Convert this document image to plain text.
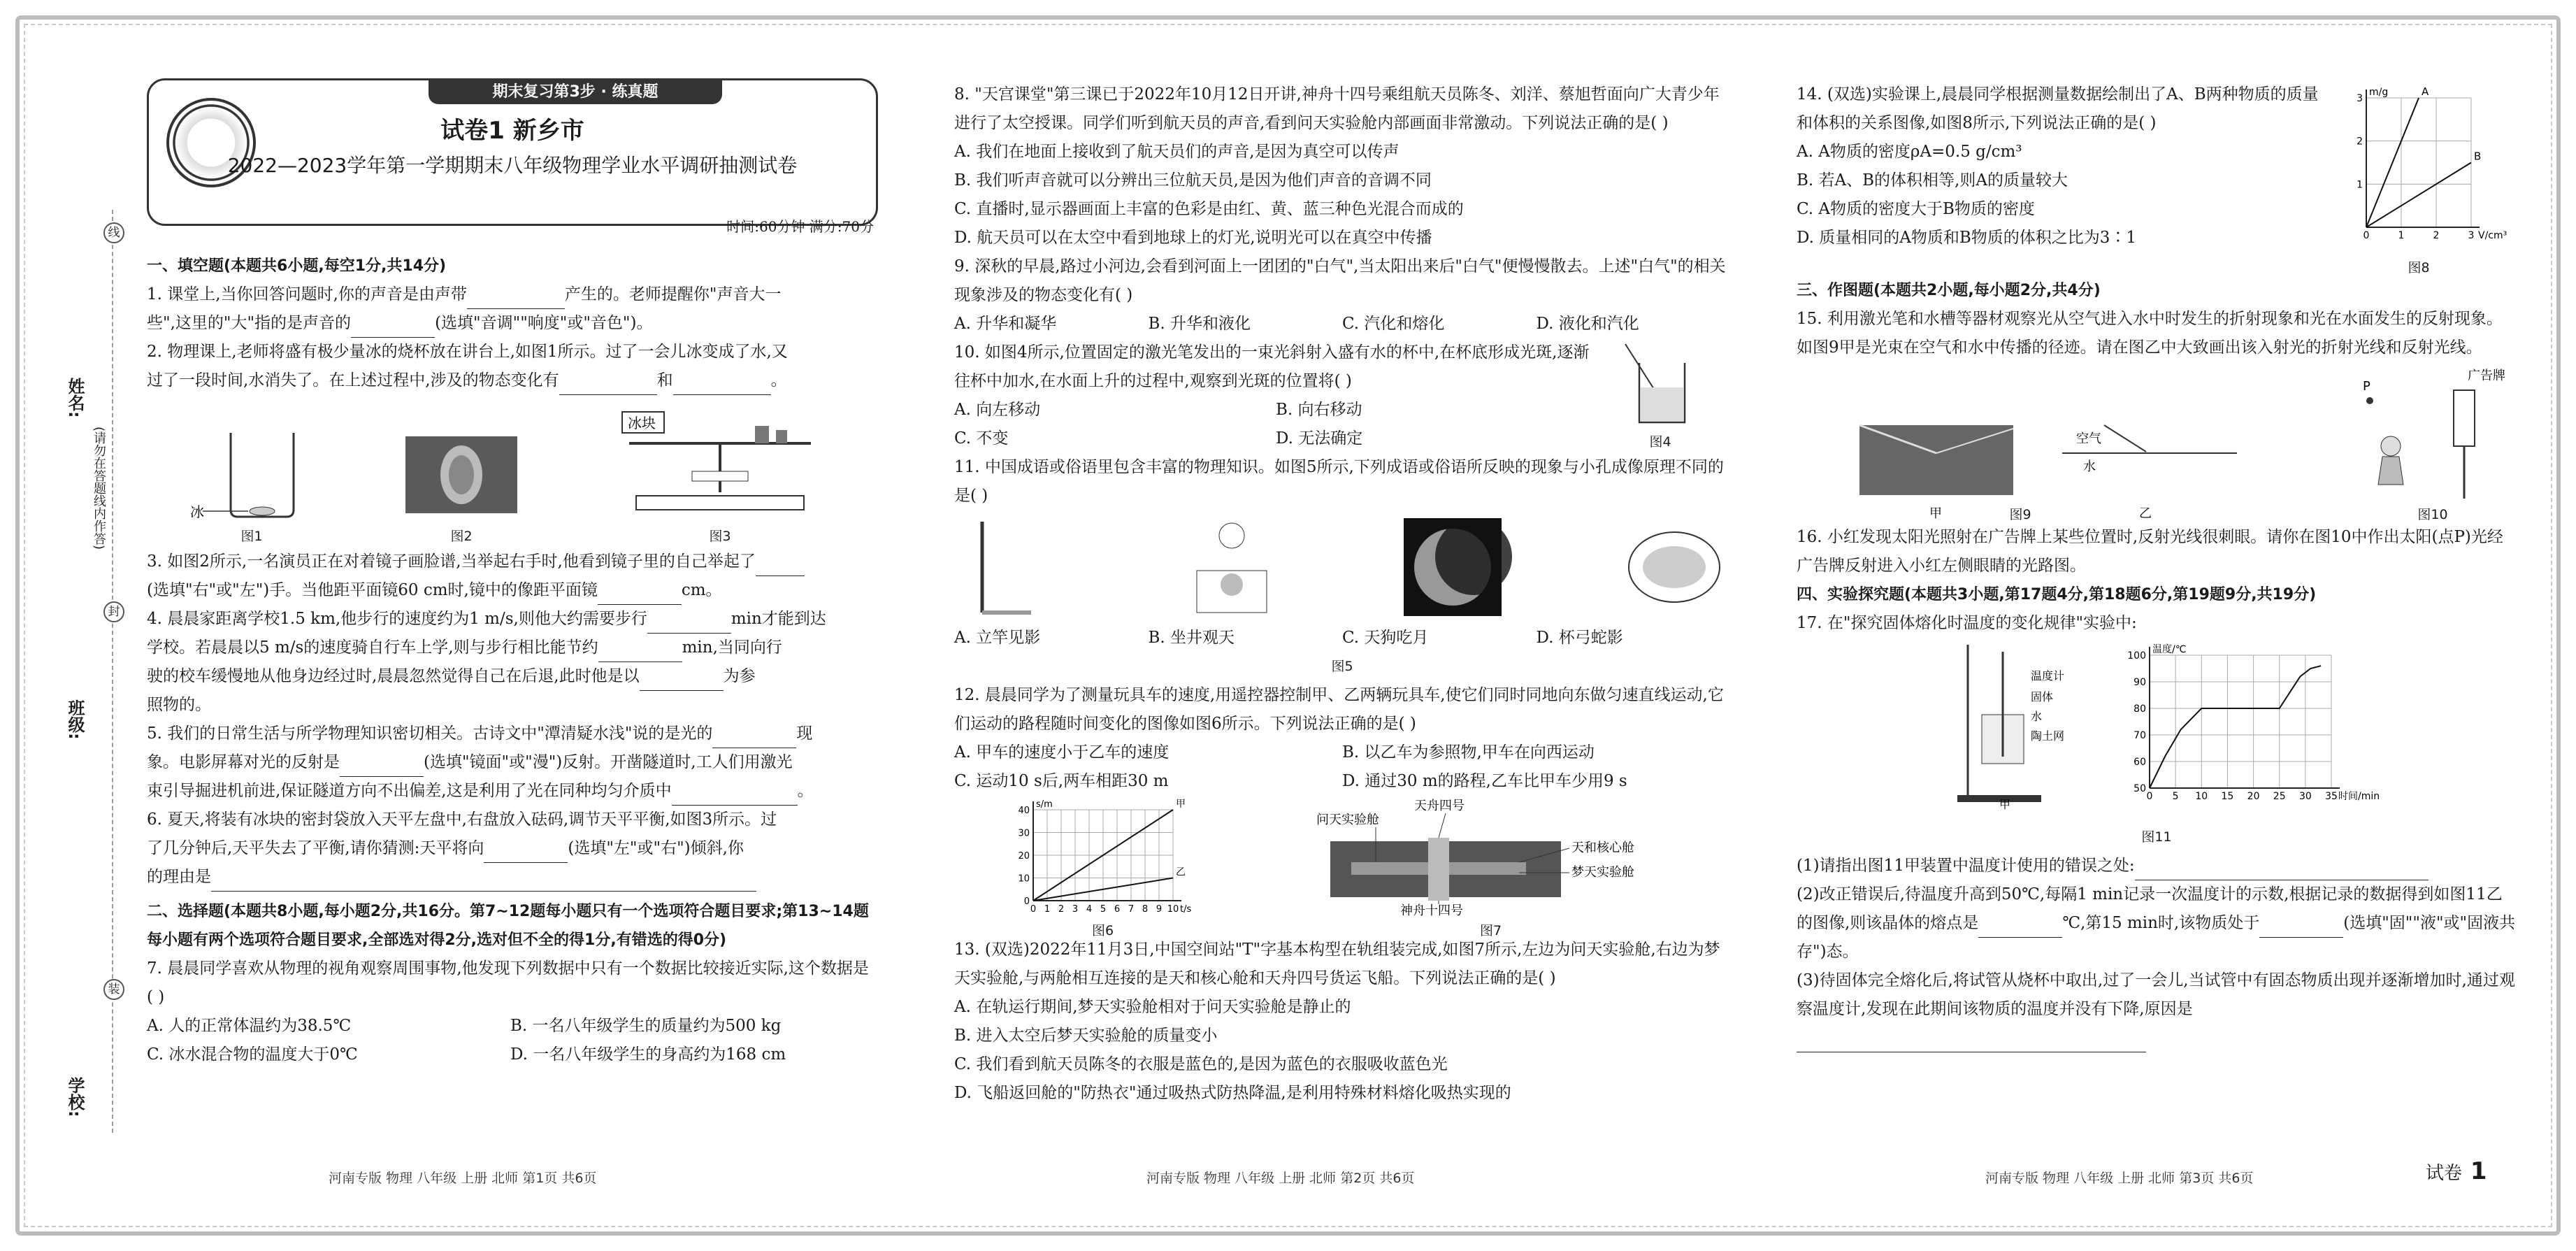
线
封
装
姓名:
(请勿在答题线内作答)
班级:
学校:
期末复习第3步 · 练真题
试卷1 新乡市
2022—2023学年第一学期期末八年级物理学业水平调研抽测试卷
时间:60分钟 满分:70分
一、填空题(本题共6小题,每空1分,共14分)

1. 课堂上,当你回答问题时,你的声音是由声带	产生的。老师提醒你"声音大一
些",这里的"大"指的是声音的	(选填"音调""响度"或"音色")。

2. 物理课上,老师将盛有极少量冰的烧杯放在讲台上,如图1所示。过了一会儿冰变成了水,又
过了一段时间,水消失了。在上述过程中,涉及的物态变化有	和	。

冰
图1	图2
冰块
图3

3. 如图2所示,一名演员正在对着镜子画脸谱,当举起右手时,他看到镜子里的自己举起了
(选填"右"或"左")手。当他距平面镜60 cm时,镜中的像距平面镜	cm。

4. 晨晨家距离学校1.5 km,他步行的速度约为1 m/s,则他大约需要步行	min才能到达
学校。若晨晨以5 m/s的速度骑自行车上学,则与步行相比能节约	min,当同向行
驶的校车缓慢地从他身边经过时,晨晨忽然觉得自己在后退,此时他是以	为参
照物的。

5. 我们的日常生活与所学物理知识密切相关。古诗文中"潭清疑水浅"说的是光的	现
象。电影屏幕对光的反射是	(选填"镜面"或"漫")反射。开凿隧道时,工人们用激光
束引导掘进机前进,保证隧道方向不出偏差,这是利用了光在同种均匀介质中	。

6. 夏天,将装有冰块的密封袋放入天平左盘中,右盘放入砝码,调节天平平衡,如图3所示。过
了几分钟后,天平失去了平衡,请你猜测:天平将向	(选填"左"或"右")倾斜,你
的理由是

二、选择题(本题共8小题,每小题2分,共16分。第7~12题每小题只有一个选项符合题目要求;第13~14题每小题有两个选项符合题目要求,全部选对得2分,选对但不全的得1分,有错选的得0分)

7. 晨晨同学喜欢从物理的视角观察周围事物,他发现下列数据中只有一个数据比较接近实际,这个数据是( )

A. 人的正常体温约为38.5℃	B. 一名八年级学生的质量约为500 kg
C. 冰水混合物的温度大于0℃	D. 一名八年级学生的身高约为168 cm
河南专版 物理 八年级 上册 北师 第1页 共6页

8. "天宫课堂"第三课已于2022年10月12日开讲,神舟十四号乘组航天员陈冬、刘洋、蔡旭哲面向广大青少年进行了太空授课。同学们听到航天员的声音,看到问天实验舱内部画面非常激动。下列说法正确的是( )

A. 我们在地面上接收到了航天员们的声音,是因为真空可以传声
B. 我们听声音就可以分辨出三位航天员,是因为他们声音的音调不同
C. 直播时,显示器画面上丰富的色彩是由红、黄、蓝三种色光混合而成的
D. 航天员可以在太空中看到地球上的灯光,说明光可以在真空中传播

9. 深秋的早晨,路过小河边,会看到河面上一团团的"白气",当太阳出来后"白气"便慢慢散去。上述"白气"的相关现象涉及的物态变化有( )

A. 升华和凝华	B. 升华和液化	C. 汽化和熔化	D. 液化和汽化

10. 如图4所示,位置固定的激光笔发出的一束光斜射入盛有水的杯中,在杯底形成光斑,逐渐往杯中加水,在水面上升的过程中,观察到光斑的位置将( )

A. 向左移动	B. 向右移动
C. 不变	D. 无法确定	图4

11. 中国成语或俗语里包含丰富的物理知识。如图5所示,下列成语或俗语所反映的现象与小孔成像原理不同的是( )

A. 立竿见影	B. 坐井观天	C. 天狗吃月	D. 杯弓蛇影
图5

12. 晨晨同学为了测量玩具车的速度,用遥控器控制甲、乙两辆玩具车,使它们同时同地向东做匀速直线运动,它们运动的路程随时间变化的图像如图6所示。下列说法正确的是( )

A. 甲车的速度小于乙车的速度	B. 以乙车为参照物,甲车在向西运动
C. 运动10 s后,两车相距30 m	D. 通过30 m的路程,乙车比甲车少用9 s
0 1 2 3 4 5 6 7 8 9 10
0
10
20
30
40
t/s
s/m	甲
乙
图6
问天实验舱
天舟四号
天和核心舱
梦天实验舱
神舟十四号
图7

13. (双选)2022年11月3日,中国空间站"T"字基本构型在轨组装完成,如图7所示,左边为问天实验舱,右边为梦天实验舱,与两舱相互连接的是天和核心舱和天舟四号货运飞船。下列说法正确的是( )

A. 在轨运行期间,梦天实验舱相对于问天实验舱是静止的
B. 进入太空后梦天实验舱的质量变小
C. 我们看到航天员陈冬的衣服是蓝色的,是因为蓝色的衣服吸收蓝色光
D. 飞船返回舱的"防热衣"通过吸热式防热降温,是利用特殊材料熔化吸热实现的
河南专版 物理 八年级 上册 北师 第2页 共6页

14. (双选)实验课上,晨晨同学根据测量数据绘制出了A、B两种物质的质量和体积的关系图像,如图8所示,下列说法正确的是( )

A. A物质的密度ρA=0.5 g/cm³
B. 若A、B的体积相等,则A的质量较大
C. A物质的密度大于B物质的密度
D. 质量相同的A物质和B物质的体积之比为3∶1	0	1	2	3
1
2
3
V/cm³
m/g	A
B
图8
三、作图题(本题共2小题,每小题2分,共4分)

15. 利用激光笔和水槽等器材观察光从空气进入水中时发生的折射现象和光在水面发生的反射现象。如图9甲是光束在空气和水中传播的径迹。请在图乙中大致画出该入射光的折射光线和反射光线。

甲
空气
水
乙
图9
P
广告牌
图10

16. 小红发现太阳光照射在广告牌上某些位置时,反射光线很刺眼。请你在图10中作出太阳(点P)光经广告牌反射进入小红左侧眼睛的光路图。

四、实验探究题(本题共3小题,第17题4分,第18题6分,第19题9分,共19分)

17. 在"探究固体熔化时温度的变化规律"实验中:

温度计
固体
水
陶土网
甲
0 5 10 15 20 25 30 35
50
60
70
80
90
100
时间/min
温度/℃
图11

(1)请指出图11甲装置中温度计使用的错误之处:

(2)改正错误后,待温度升高到50℃,每隔1 min记录一次温度计的示数,根据记录的数据得到如图11乙的图像,则该晶体的熔点是	℃,第15 min时,该物质处于	(选填"固""液"或"固液共存")态。

(3)待固体完全熔化后,将试管从烧杯中取出,过了一会儿,当试管中有固态物质出现并逐渐增加时,通过观察温度计,发现在此期间该物质的温度并没有下降,原因是

河南专版 物理 八年级 上册 北师 第3页 共6页	试卷 1
